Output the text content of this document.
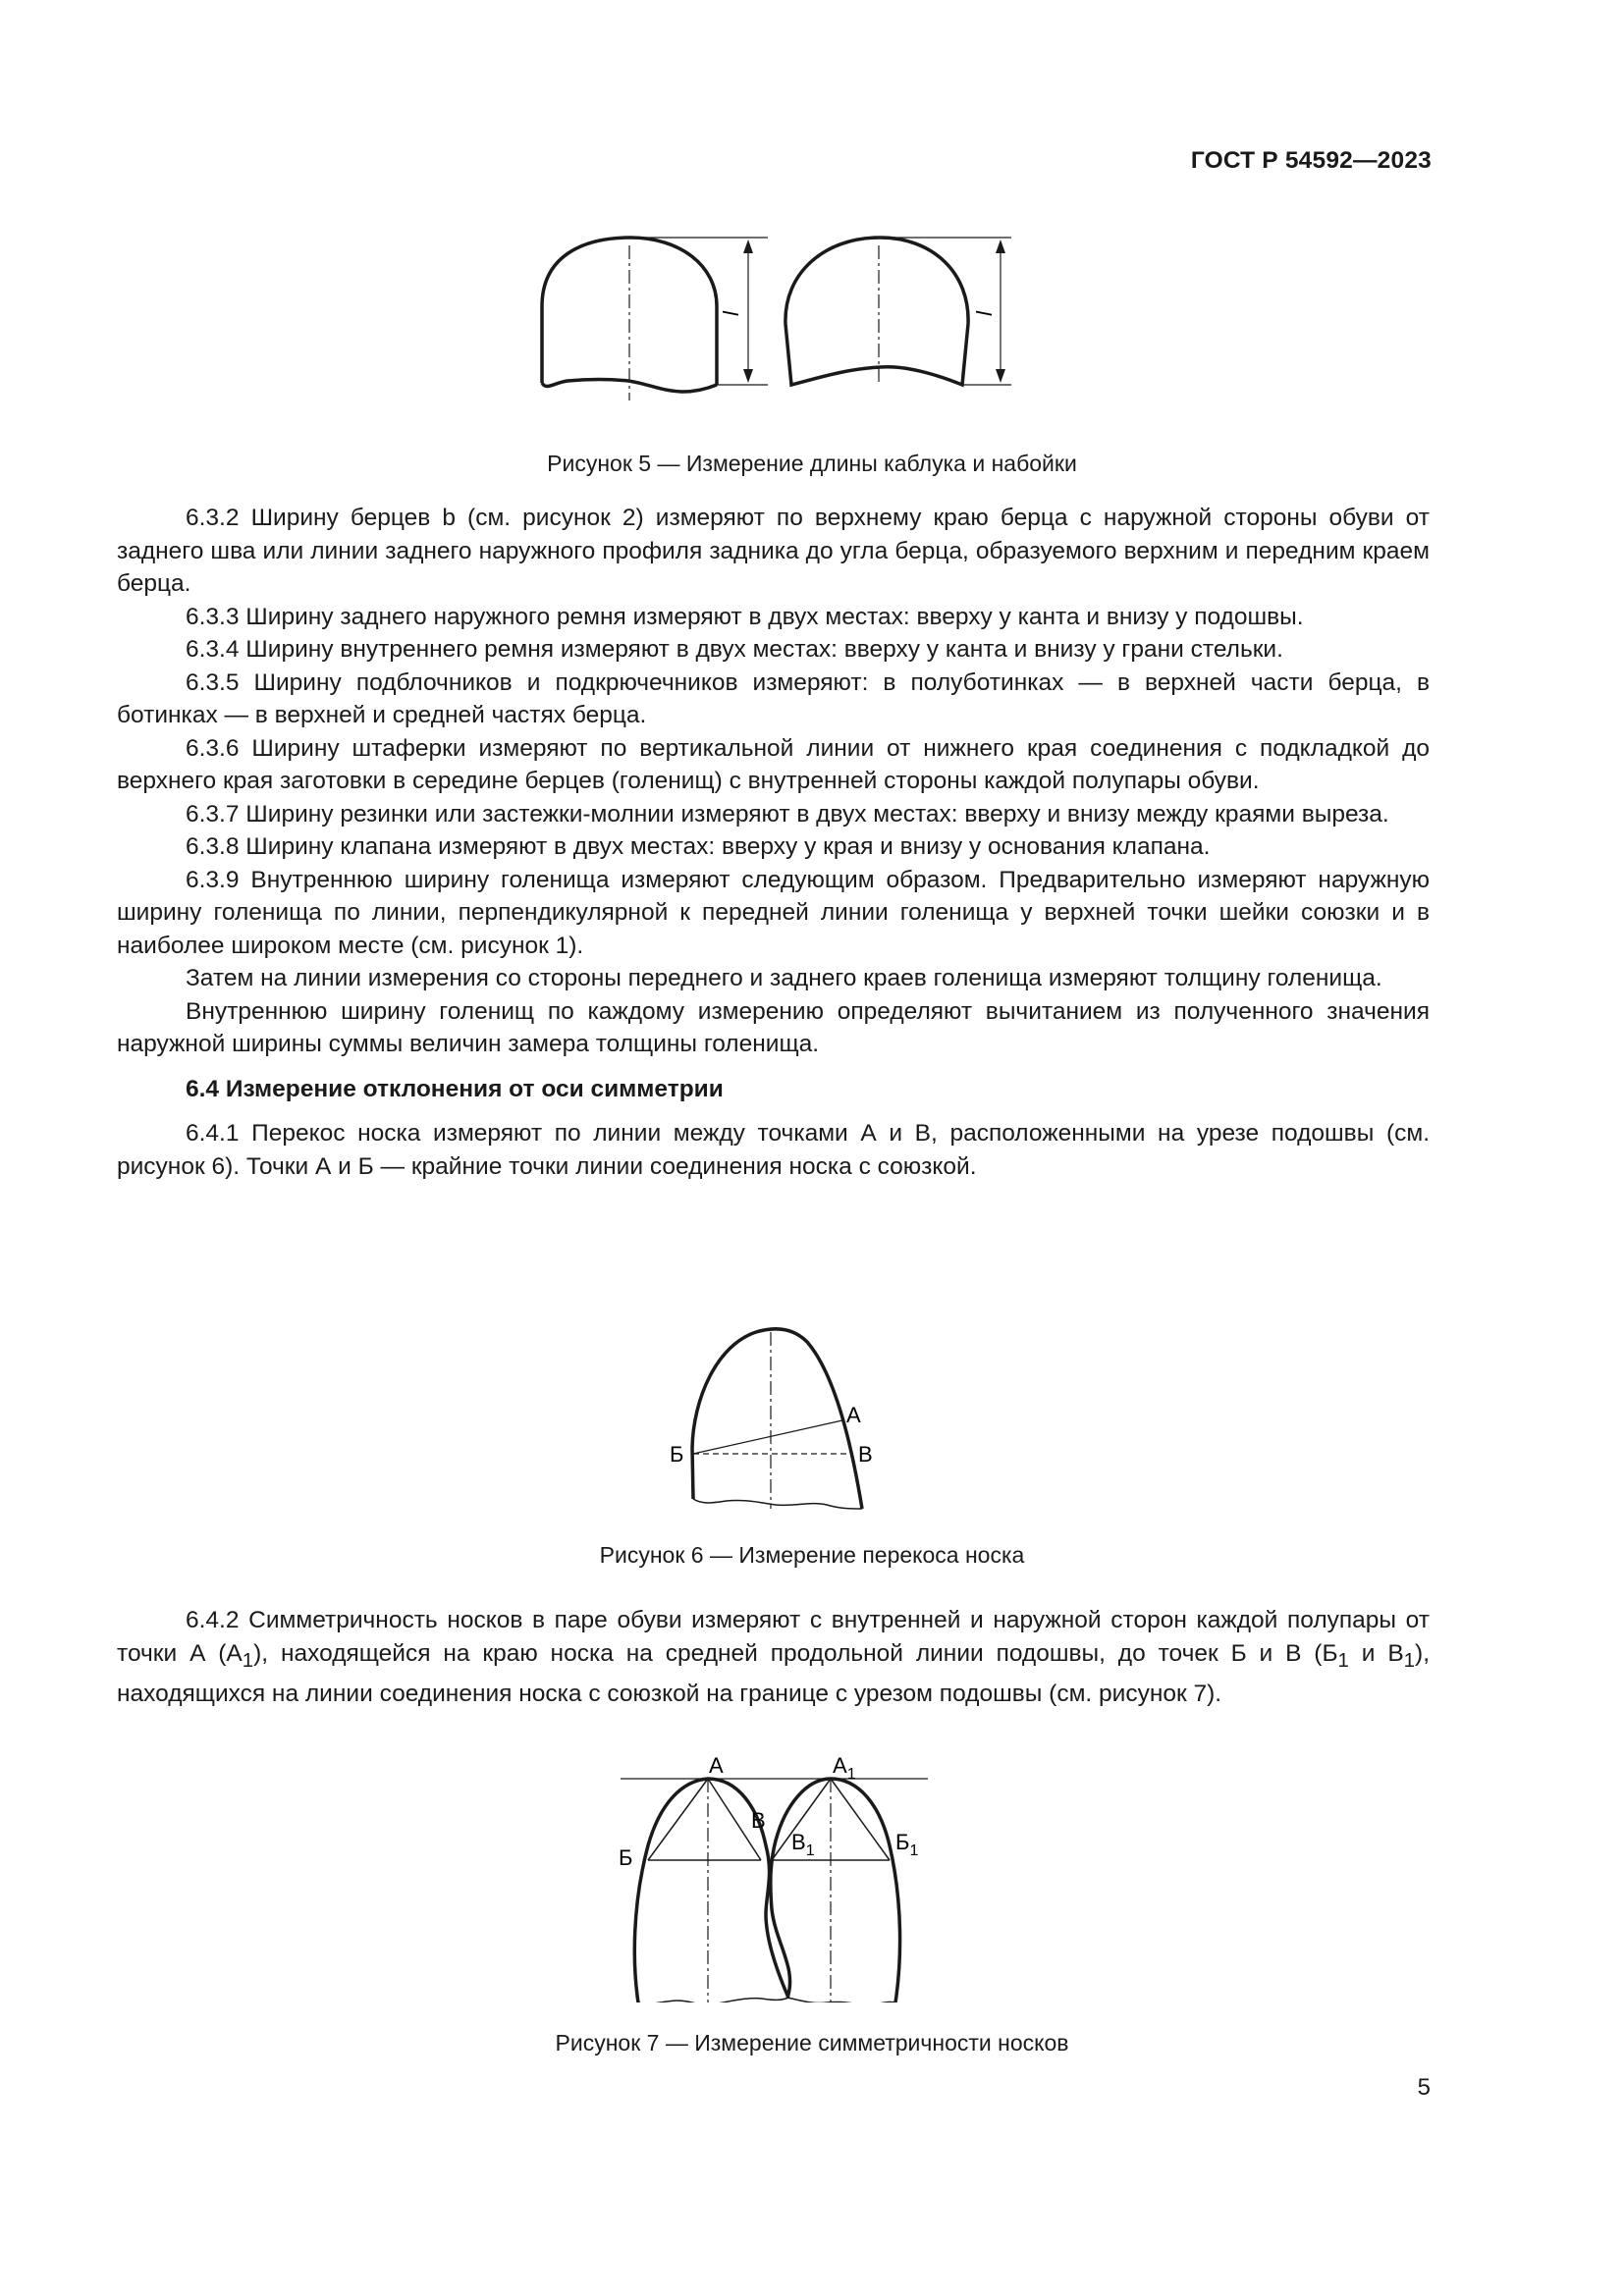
ГОСТ Р 54592—2023
l	l
Рисунок 5 — Измерение длины каблука и набойки

6.3.2 Ширину берцев b (см. рисунок 2) измеряют по верхнему краю берца с наружной стороны обуви от заднего шва или линии заднего наружного профиля задника до угла берца, образуемого верхним и передним краем берца.

6.3.3 Ширину заднего наружного ремня измеряют в двух местах: вверху у канта и внизу у подошвы.

6.3.4 Ширину внутреннего ремня измеряют в двух местах: вверху у канта и внизу у грани стельки.

6.3.5 Ширину подблочников и подкрючечников измеряют: в полуботинках — в верхней части берца, в ботинках — в верхней и средней частях берца.

6.3.6 Ширину штаферки измеряют по вертикальной линии от нижнего края соединения с подкладкой до верхнего края заготовки в середине берцев (голенищ) с внутренней стороны каждой полупары обуви.

6.3.7 Ширину резинки или застежки-молнии измеряют в двух местах: вверху и внизу между краями выреза.

6.3.8 Ширину клапана измеряют в двух местах: вверху у края и внизу у основания клапана.

6.3.9 Внутреннюю ширину голенища измеряют следующим образом. Предварительно измеряют наружную ширину голенища по линии, перпендикулярной к передней линии голенища у верхней точки шейки союзки и в наиболее широком месте (см. рисунок 1).

Затем на линии измерения со стороны переднего и заднего краев голенища измеряют толщину голенища.

Внутреннюю ширину голенищ по каждому измерению определяют вычитанием из полученного значения наружной ширины суммы величин замера толщины голенища.

6.4 Измерение отклонения от оси симметрии

6.4.1 Перекос носка измеряют по линии между точками А и В, расположенными на урезе подошвы (см. рисунок 6). Точки А и Б — крайние точки линии соединения носка с союзкой.

А
Б	В
Рисунок 6 — Измерение перекоса носка

6.4.2 Симметричность носков в паре обуви измеряют с внутренней и наружной сторон каждой полупары от точки А $(А_1)$, находящейся на краю носка на средней продольной линии подошвы, до точек Б и В ($Б_1$ и $В_1$), находящихся на линии соединения носка с союзкой на границе с урезом подошвы (см. рисунок 7).

А	$А_1$
В
Б
$В_1$	$Б_1$
Рисунок 7 — Измерение симметричности носков
5
